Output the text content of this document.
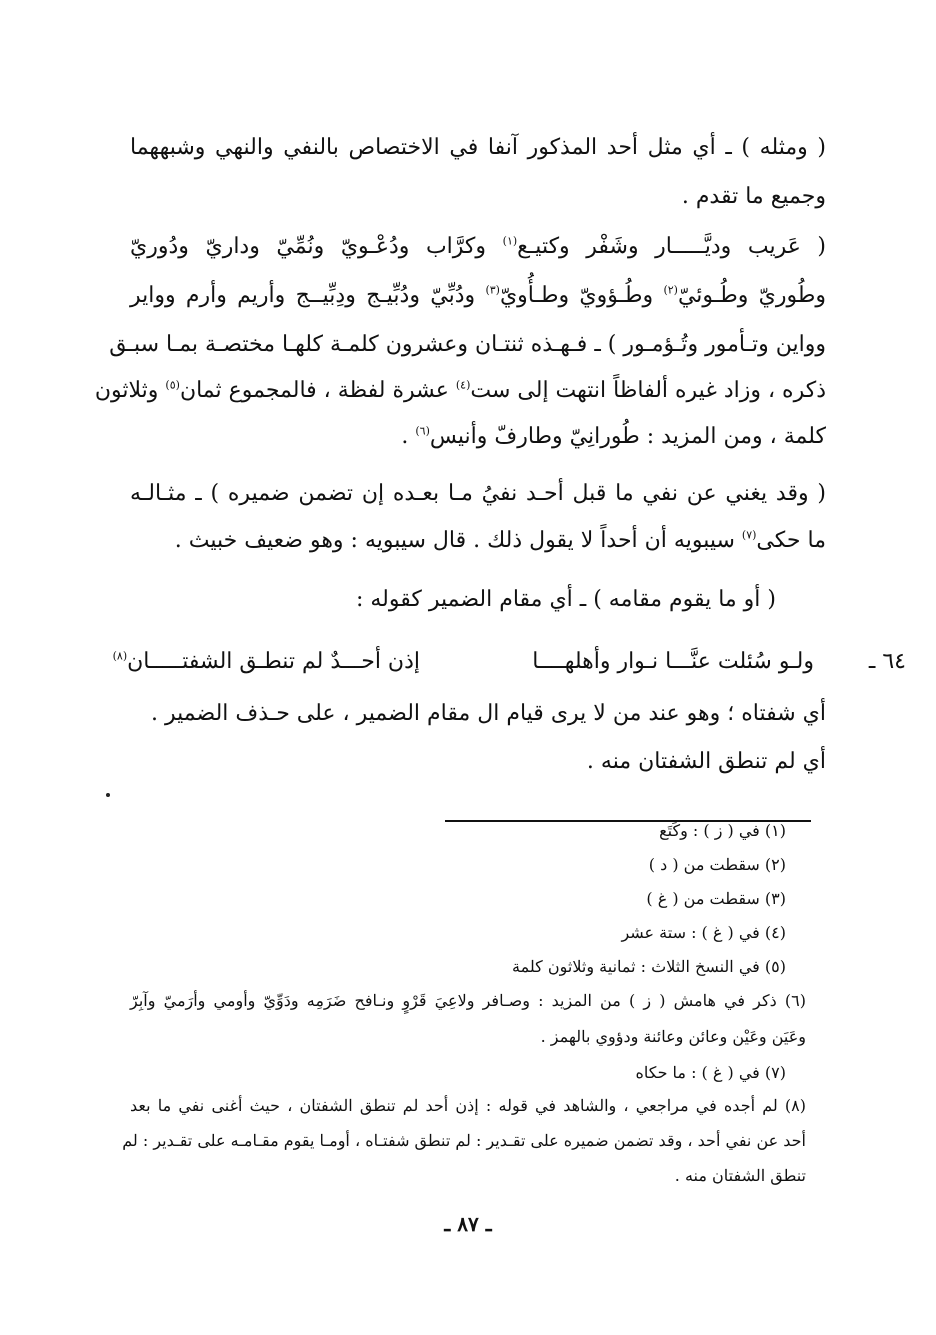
( ومثله ) ـ أي مثل أحد المذكور آنفا في الاختصاص بالنفي والنهي وشبههما
وجميع ما تقدم .
( عَريب وديَّـــــار وشَفْر وكتيـع$^{(١)}$ وكرَّاب ودُعْـويّ ونُمِّيّ وداريّ ودُوريّ
وطُوريّ وطُـوئيّ$^{(٢)}$ وطُـؤويّ وطـأُويّ$^{(٣)}$ ودُبِّيّ ودُبِّيـج ودِبِّيــج وأريم وأرم وواير
وواين وتـأمور وتُـؤمـور ) ـ فـهـذه ثنتـان وعشرون كلمـة كلهـا مختصـة بمـا سبـق
ذكره ، وزاد غيره ألفاظاً انتهت إلى ست$^{(٤)}$ عشرة لفظة ، فالمجموع ثمان$^{(٥)}$ وثلاثون
كلمة ، ومن المزيد : طُورانِيّ وطارفّ وأنيس$^{(٦)}$ .
( وقد يغني عن نفي ما قبل أحـد نفيُ مـا بعـده إن تضمن ضميره ) ـ مثـالـه
ما حكى$^{(٧)}$ سيبويه أن أحداً لا يقول ذلك . قال سيبويه : وهو ضعيف خبيث .
( أو ما يقوم مقامه ) ـ أي مقام الضمير كقوله :
٦٤ ـ
ولـو سُئلت عنَّـــا نـوار وأهلهــــا
إذن أحـــدٌ لم تنطـق الشفتـــــان$^{(٨)}$
أي شفتاه ؛ وهو عند من لا يرى قيام ال مقام الضمير ، على حـذف الضمير .
أي لم تنطق الشفتان منه .
(١) في ( ز ) : وكَتَع
(٢) سقطت من ( د )
(٣) سقطت من ( غ )
(٤) في ( غ ) : ستة عشر
(٥) في النسخ الثلاث : ثمانية وثلاثون كلمة
(٦) ذكر في هامش ( ز ) من المزيد : وصـافر ولاعِيَ قَرْوٍ ونـافح ضَرَمِه ودَوِّيّ وأومي وأرَميّ وآبِرّ
وعَيَن وعَيْن وعائن وعائنة ودؤوي بالهمز .
(٧) في ( غ ) : ما حكاه
(٨) لم أجده في مراجعي ، والشاهد في قوله : إذن أحد لم تنطق الشفتان ، حيث أغنى نفي ما بعد
أحد عن نفي أحد ، وقد تضمن ضميره على تقـدير : لم تنطق شفتـاه ، أومـا يقوم مقـامـه على تقـدير : لم
تنطق الشفتان منه .
ـ ٨٧ ـ
